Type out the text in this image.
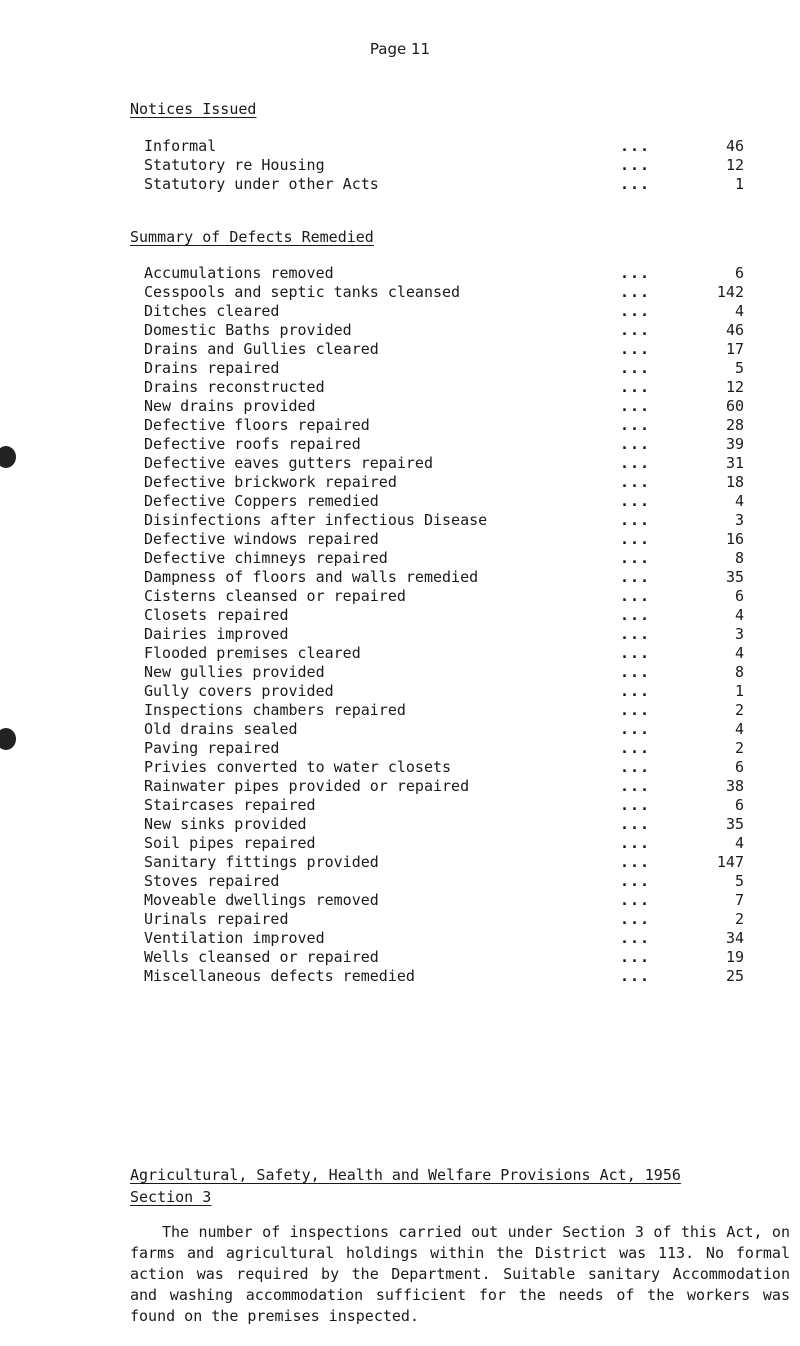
Page 11
Notices Issued
Informal	...	46
Statutory re Housing	...	12
Statutory under other Acts	...	1
Summary of Defects Remedied
Accumulations removed	...	6
Cesspools and septic tanks cleansed	...	142
Ditches cleared	...	4
Domestic Baths provided	...	46
Drains and Gullies cleared	...	17
Drains repaired	...	5
Drains reconstructed	...	12
New drains provided	...	60
Defective floors repaired	...	28
Defective roofs repaired	...	39
Defective eaves gutters repaired	...	31
Defective brickwork repaired	...	18
Defective Coppers remedied	...	4
Disinfections after infectious Disease	...	3
Defective windows repaired	...	16
Defective chimneys repaired	...	8
Dampness of floors and walls remedied	...	35
Cisterns cleansed or repaired	...	6
Closets repaired	...	4
Dairies improved	...	3
Flooded premises cleared	...	4
New gullies provided	...	8
Gully covers provided	...	1
Inspections chambers repaired	...	2
Old drains sealed	...	4
Paving repaired	...	2
Privies converted to water closets	...	6
Rainwater pipes provided or repaired	...	38
Staircases repaired	...	6
New sinks provided	...	35
Soil pipes repaired	...	4
Sanitary fittings provided	...	147
Stoves repaired	...	5
Moveable dwellings removed	...	7
Urinals repaired	...	2
Ventilation improved	...	34
Wells cleansed or repaired	...	19
Miscellaneous defects remedied	...	25
Agricultural, Safety, Health and Welfare Provisions Act, 1956
Section 3
The number of inspections carried out under Section 3 of this Act, on farms and agricultural holdings within the District was 113. No formal action was required by the Department. Suitable sanitary Accommodation and washing accommodation sufficient for the needs of the workers was found on the premises inspected.
